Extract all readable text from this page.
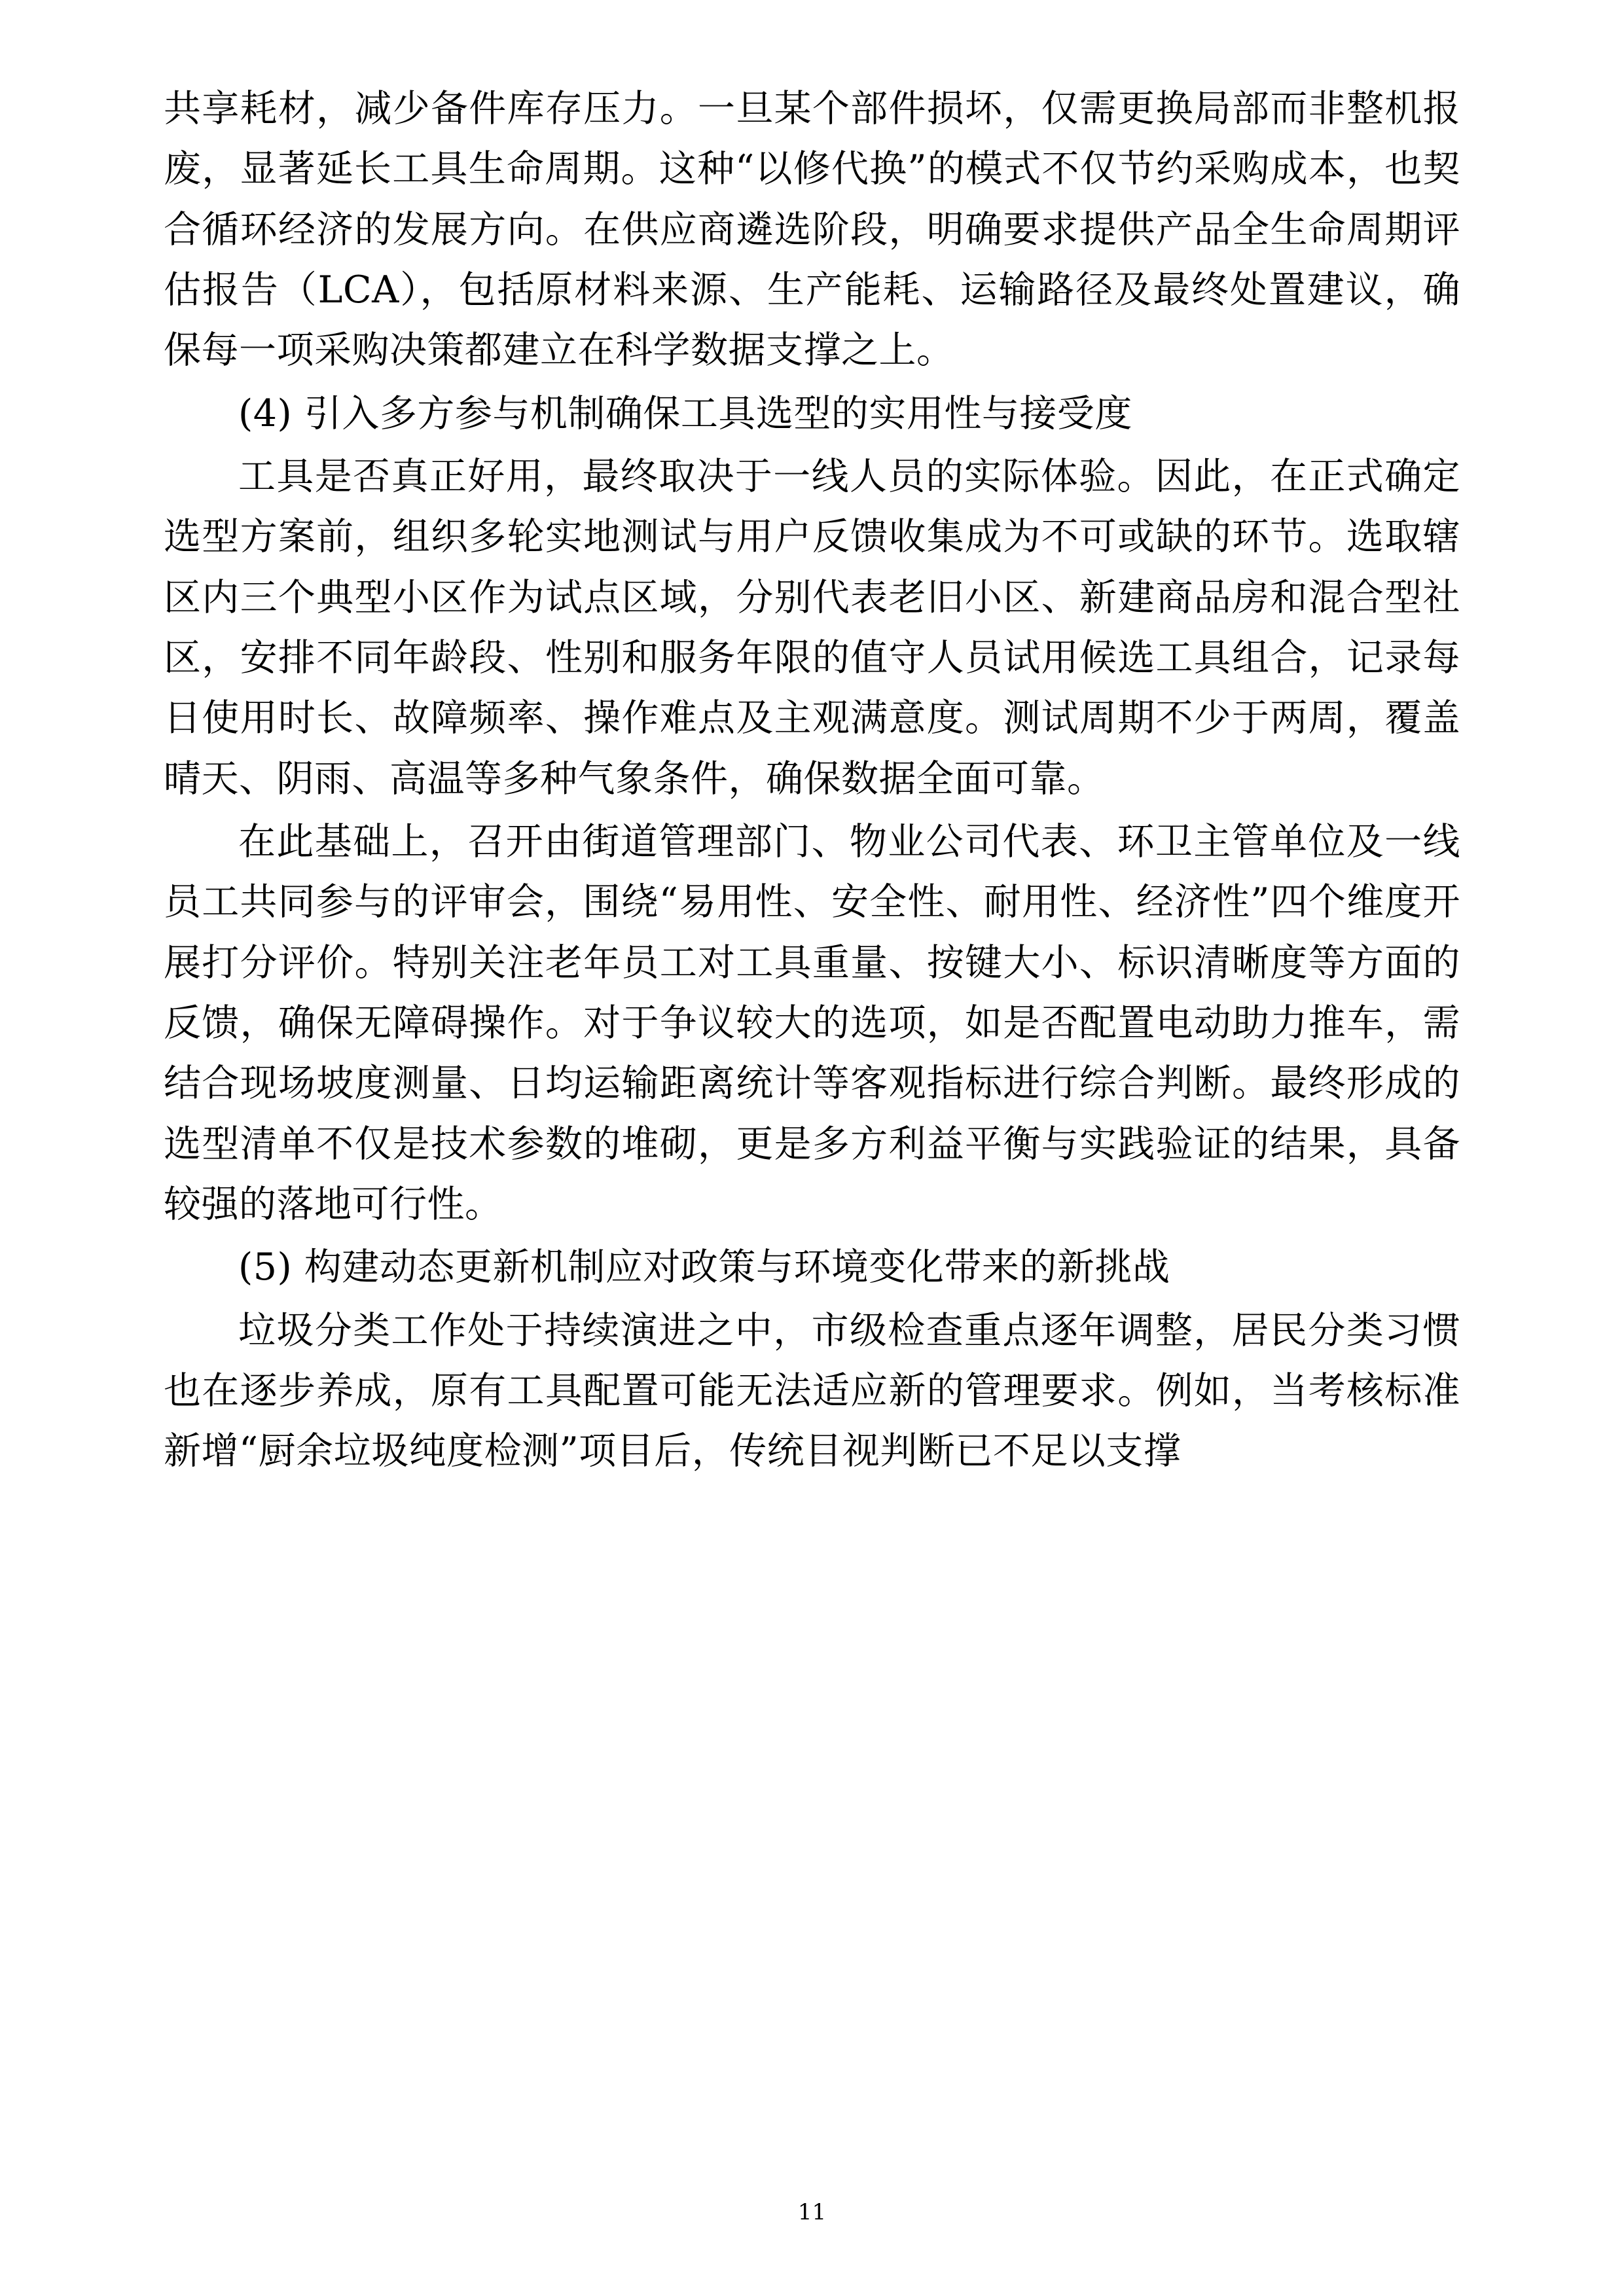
共享耗材，减少备件库存压力。一旦某个部件损坏，仅需更换局部而非整机报废，显著延长工具生命周期。这种“以修代换”的模式不仅节约采购成本，也契合循环经济的发展方向。在供应商遴选阶段，明确要求提供产品全生命周期评估报告（LCA），包括原材料来源、生产能耗、运输路径及最终处置建议，确保每一项采购决策都建立在科学数据支撑之上。

(4) 引入多方参与机制确保工具选型的实用性与接受度

工具是否真正好用，最终取决于一线人员的实际体验。因此，在正式确定选型方案前，组织多轮实地测试与用户反馈收集成为不可或缺的环节。选取辖区内三个典型小区作为试点区域，分别代表老旧小区、新建商品房和混合型社区，安排不同年龄段、性别和服务年限的值守人员试用候选工具组合，记录每日使用时长、故障频率、操作难点及主观满意度。测试周期不少于两周，覆盖晴天、阴雨、高温等多种气象条件，确保数据全面可靠。

在此基础上，召开由街道管理部门、物业公司代表、环卫主管单位及一线员工共同参与的评审会，围绕“易用性、安全性、耐用性、经济性”四个维度开展打分评价。特别关注老年员工对工具重量、按键大小、标识清晰度等方面的反馈，确保无障碍操作。对于争议较大的选项，如是否配置电动助力推车，需结合现场坡度测量、日均运输距离统计等客观指标进行综合判断。最终形成的选型清单不仅是技术参数的堆砌，更是多方利益平衡与实践验证的结果，具备较强的落地可行性。

(5) 构建动态更新机制应对政策与环境变化带来的新挑战

垃圾分类工作处于持续演进之中，市级检查重点逐年调整，居民分类习惯也在逐步养成，原有工具配置可能无法适应新的管理要求。例如，当考核标准新增“厨余垃圾纯度检测”项目后，传统目视判断已不足以支撑

11
